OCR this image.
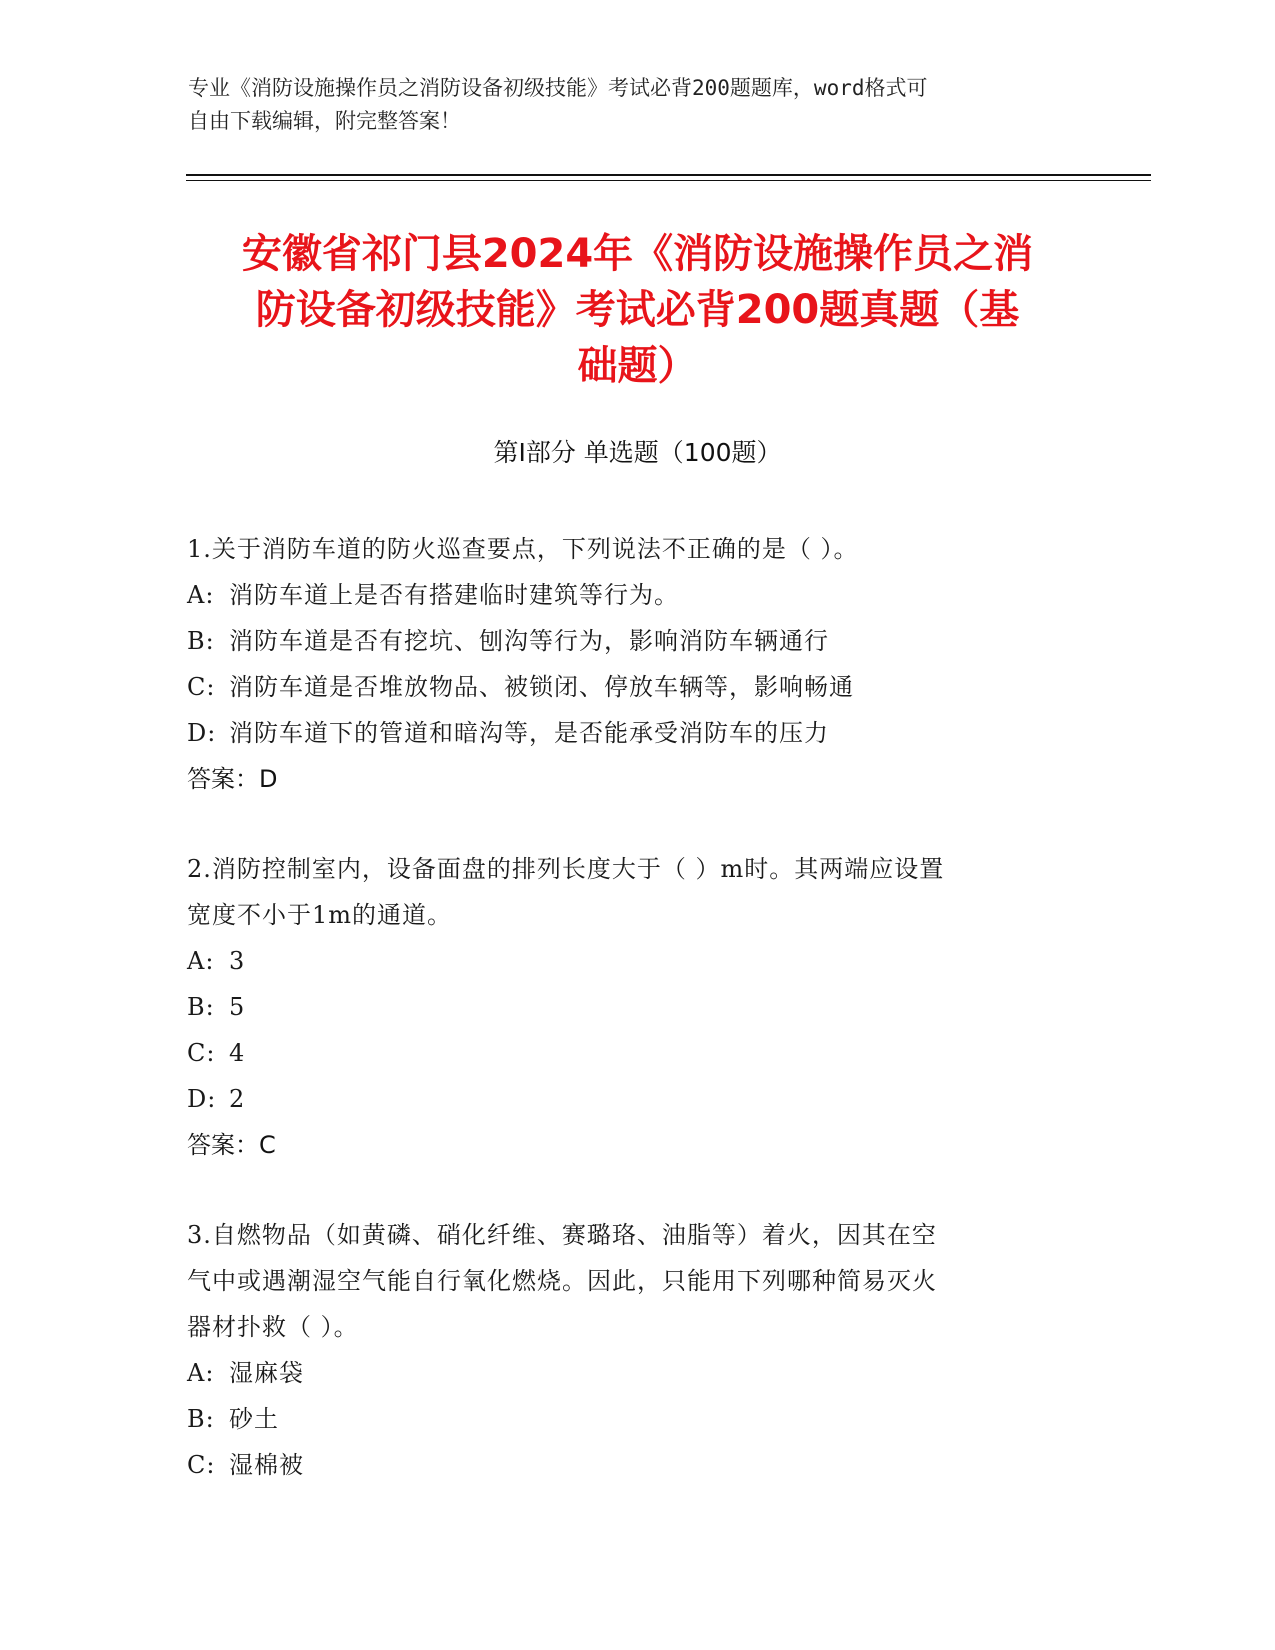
专业《消防设施操作员之消防设备初级技能》考试必背200题题库，word格式可
自由下载编辑，附完整答案！
安徽省祁门县2024年《消防设施操作员之消
防设备初级技能》考试必背200题真题（基
础题）
第Ⅰ部分 单选题（100题）
1.关于消防车道的防火巡查要点，下列说法不正确的是（ ）。
A: 消防车道上是否有搭建临时建筑等行为。
B: 消防车道是否有挖坑、刨沟等行为，影响消防车辆通行
C: 消防车道是否堆放物品、被锁闭、停放车辆等，影响畅通
D: 消防车道下的管道和暗沟等，是否能承受消防车的压力
答案：D
2.消防控制室内，设备面盘的排列长度大于（ ）m时。其两端应设置
宽度不小于1m的通道。
A: 3
B: 5
C: 4
D: 2
答案：C
3.自燃物品（如黄磷、硝化纤维、赛璐珞、油脂等）着火，因其在空
气中或遇潮湿空气能自行氧化燃烧。因此，只能用下列哪种简易灭火
器材扑救（ ）。
A: 湿麻袋
B: 砂土
C: 湿棉被
